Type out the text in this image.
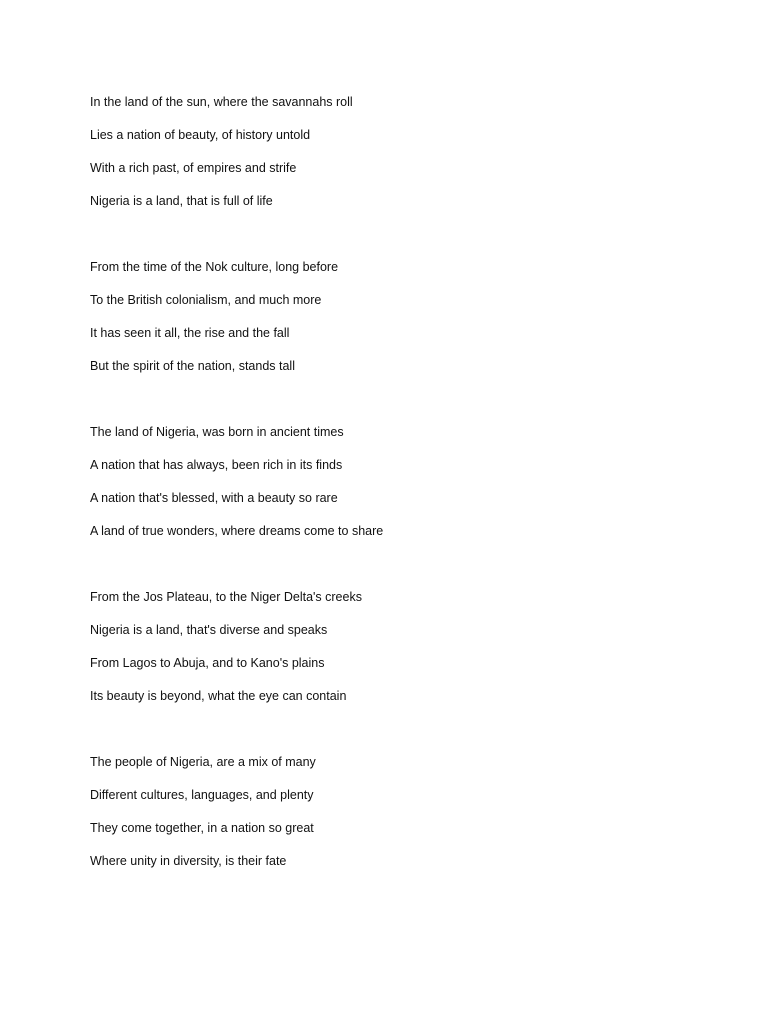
In the land of the sun, where the savannahs roll
Lies a nation of beauty, of history untold
With a rich past, of empires and strife
Nigeria is a land, that is full of life
From the time of the Nok culture, long before
To the British colonialism, and much more
It has seen it all, the rise and the fall
But the spirit of the nation, stands tall
The land of Nigeria, was born in ancient times
A nation that has always, been rich in its finds
A nation that's blessed, with a beauty so rare
A land of true wonders, where dreams come to share
From the Jos Plateau, to the Niger Delta's creeks
Nigeria is a land, that's diverse and speaks
From Lagos to Abuja, and to Kano's plains
Its beauty is beyond, what the eye can contain
The people of Nigeria, are a mix of many
Different cultures, languages, and plenty
They come together, in a nation so great
Where unity in diversity, is their fate
